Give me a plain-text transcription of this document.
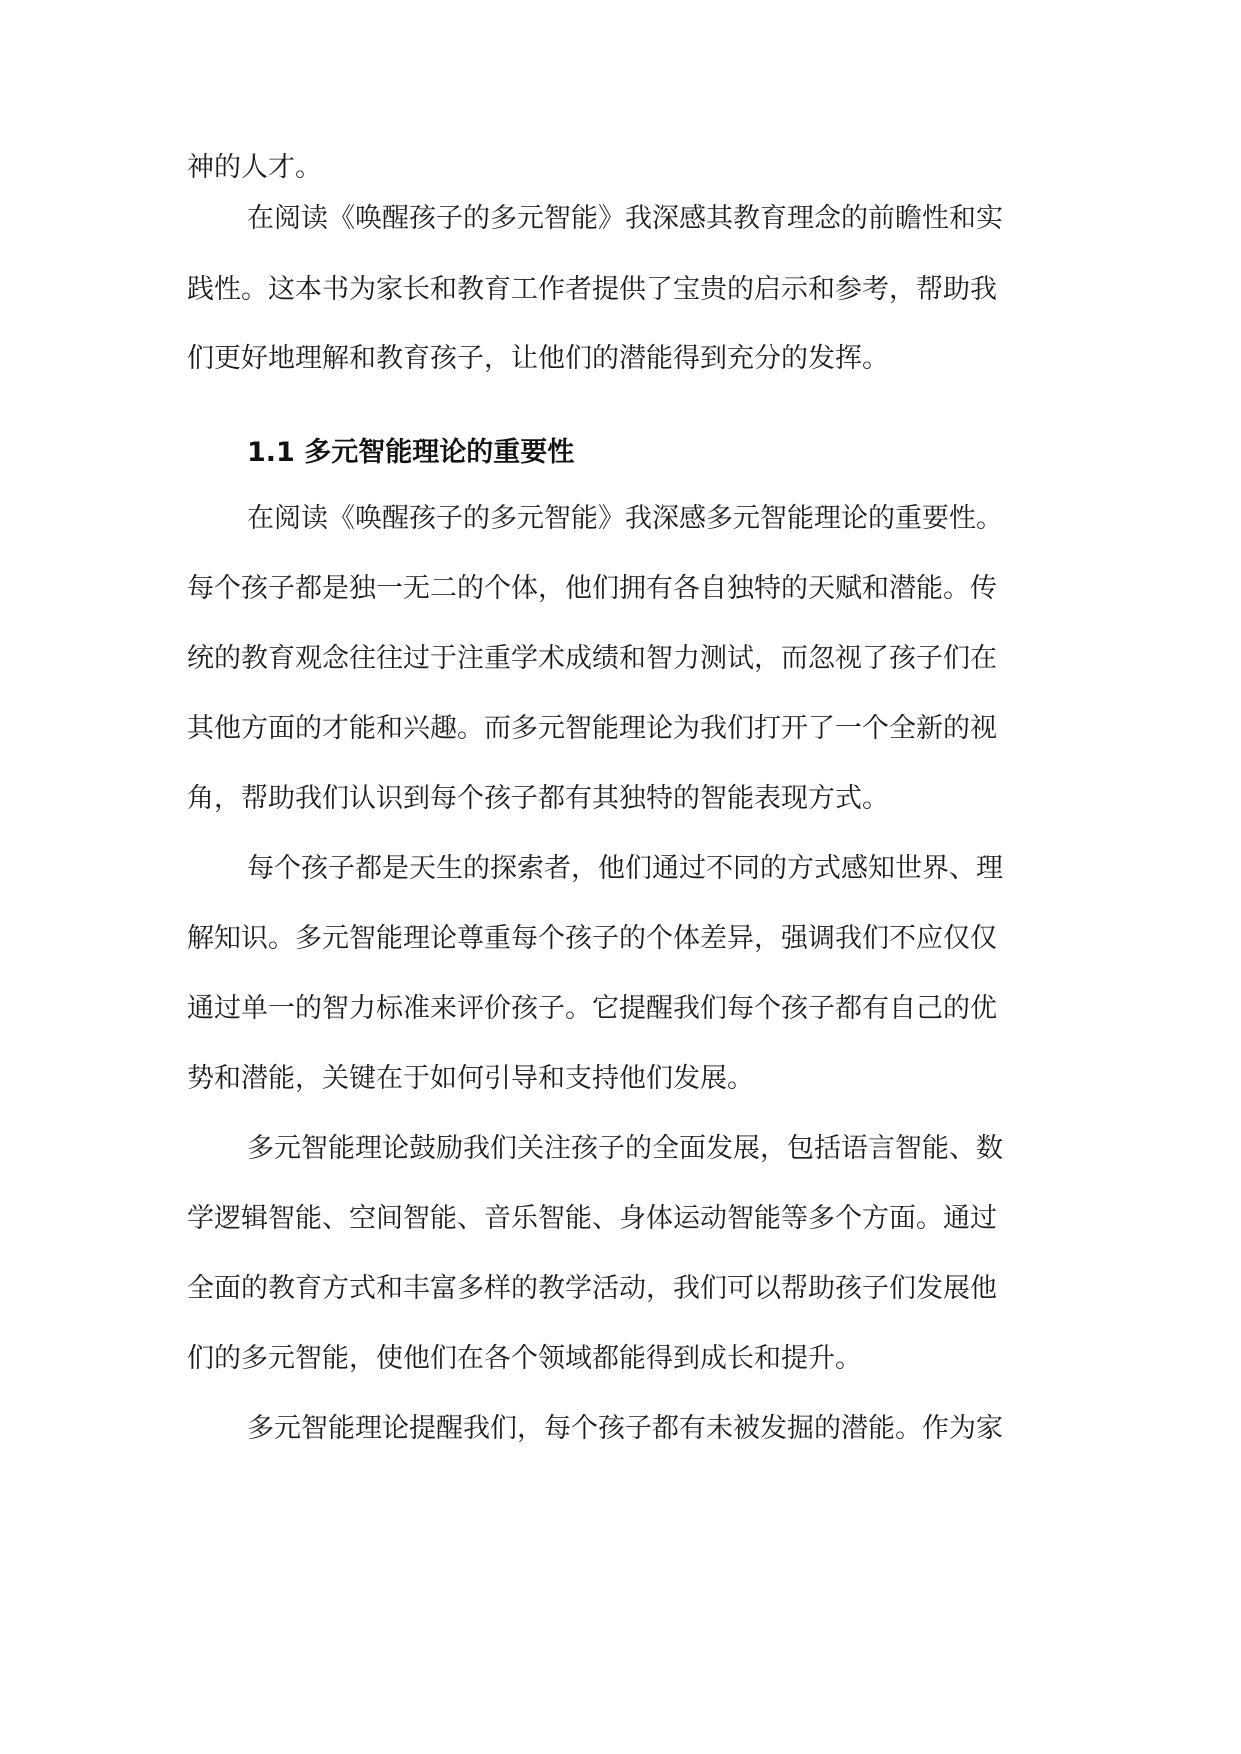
神的人才。
在阅读《唤醒孩子的多元智能》我深感其教育理念的前瞻性和实
践性。这本书为家长和教育工作者提供了宝贵的启示和参考，帮助我
们更好地理解和教育孩子，让他们的潜能得到充分的发挥。
1.1 多元智能理论的重要性
在阅读《唤醒孩子的多元智能》我深感多元智能理论的重要性。
每个孩子都是独一无二的个体，他们拥有各自独特的天赋和潜能。传
统的教育观念往往过于注重学术成绩和智力测试，而忽视了孩子们在
其他方面的才能和兴趣。而多元智能理论为我们打开了一个全新的视
角，帮助我们认识到每个孩子都有其独特的智能表现方式。
每个孩子都是天生的探索者，他们通过不同的方式感知世界、理
解知识。多元智能理论尊重每个孩子的个体差异，强调我们不应仅仅
通过单一的智力标准来评价孩子。它提醒我们每个孩子都有自己的优
势和潜能，关键在于如何引导和支持他们发展。
多元智能理论鼓励我们关注孩子的全面发展，包括语言智能、数
学逻辑智能、空间智能、音乐智能、身体运动智能等多个方面。通过
全面的教育方式和丰富多样的教学活动，我们可以帮助孩子们发展他
们的多元智能，使他们在各个领域都能得到成长和提升。
多元智能理论提醒我们，每个孩子都有未被发掘的潜能。作为家
